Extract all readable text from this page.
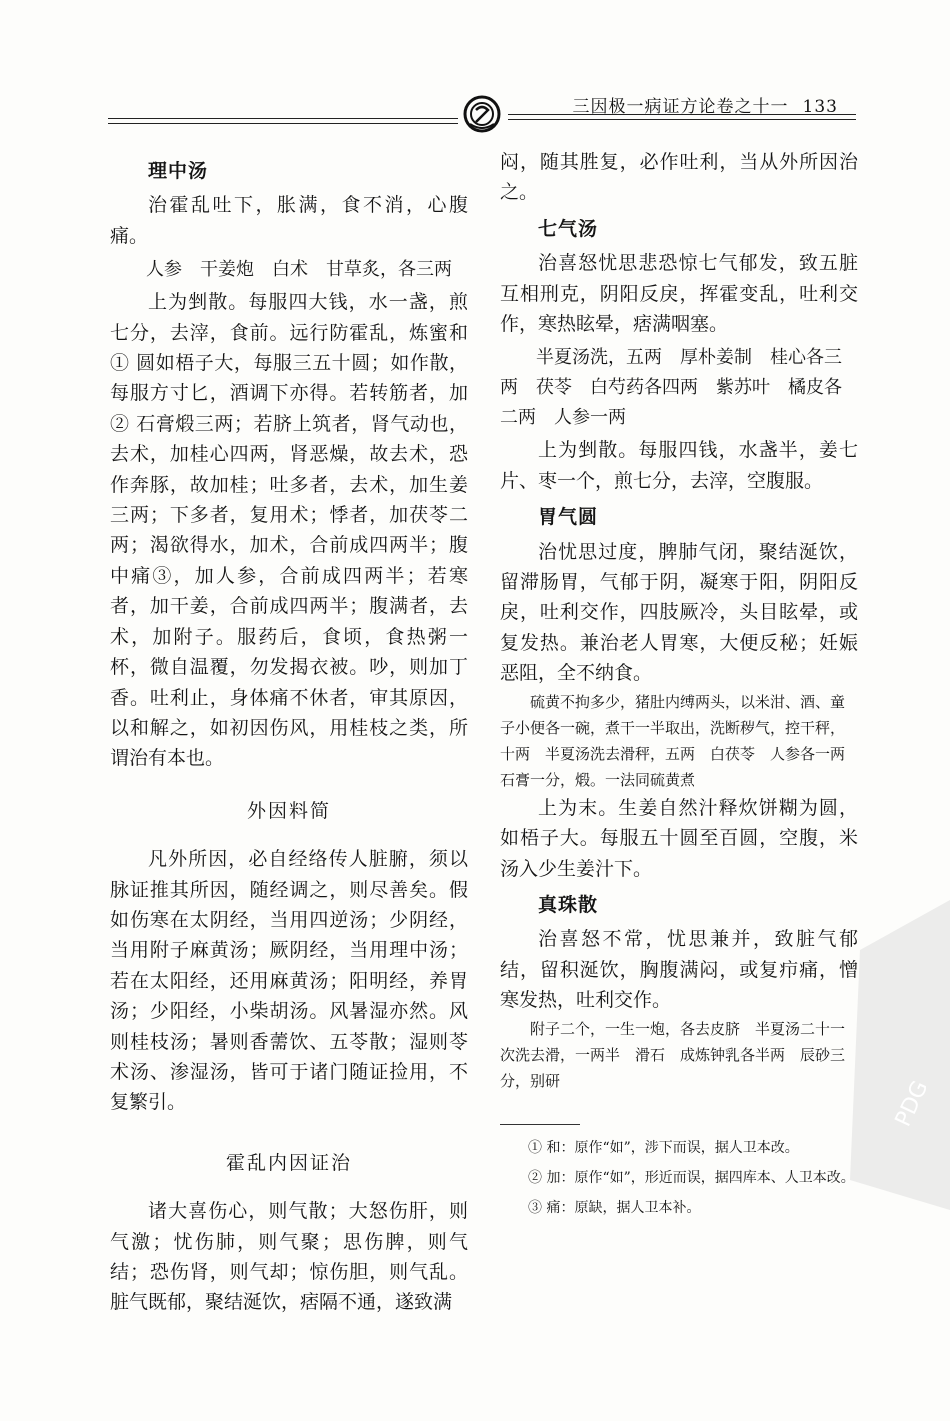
三因极一病证方论卷之十一 133
理中汤

治霍乱吐下，胀满，食不消，心腹痛。

人参　干姜炮　白术　甘草炙，各三两

上为剉散。每服四大钱，水一盏，煎七分，去滓，食前。远行防霍乱，炼蜜和① 圆如梧子大，每服三五十圆；如作散，每服方寸匕，酒调下亦得。若转筋者，加② 石膏煅三两；若脐上筑者，肾气动也，去术，加桂心四两，肾恶燥，故去术，恐作奔豚，故加桂；吐多者，去术，加生姜三两；下多者，复用术；悸者，加茯苓二两；渴欲得水，加术，合前成四两半；腹中痛③，加人参，合前成四两半；若寒者，加干姜，合前成四两半；腹满者，去术，加附子。服药后，食顷，食热粥一杯，微自温覆，勿发揭衣被。吵，则加丁香。吐利止，身体痛不休者，审其原因，以和解之，如初因伤风，用桂枝之类，所谓治有本也。

外因料简

凡外所因，必自经络传人脏腑，须以脉证推其所因，随经调之，则尽善矣。假如伤寒在太阴经，当用四逆汤；少阴经，当用附子麻黄汤；厥阴经，当用理中汤；若在太阳经，还用麻黄汤；阳明经，养胃汤；少阳经，小柴胡汤。风暑湿亦然。风则桂枝汤；暑则香薷饮、五苓散；湿则苓术汤、渗湿汤，皆可于诸门随证捡用，不复繁引。

霍乱内因证治

诸大喜伤心，则气散；大怒伤肝，则气激；忧伤肺，则气聚；思伤脾，则气结；恐伤肾，则气却；惊伤胆，则气乱。脏气既郁，聚结涎饮，痞隔不通，遂致满

闷，随其胜复，必作吐利，当从外所因治之。

七气汤

治喜怒忧思悲恐惊七气郁发，致五脏互相刑克，阴阳反戾，挥霍变乱，吐利交作，寒热眩晕，痞满咽塞。

半夏汤洗，五两　厚朴姜制　桂心各三两　茯苓　白芍药各四两　紫苏叶　橘皮各二两　人参一两

上为剉散。每服四钱，水盏半，姜七片、枣一个，煎七分，去滓，空腹服。

胃气圆

治忧思过度，脾肺气闭，聚结涎饮，留滞肠胃，气郁于阴，凝寒于阳，阴阳反戾，吐利交作，四肢厥冷，头目眩晕，或复发热。兼治老人胃寒，大便反秘；妊娠恶阻，全不纳食。

硫黄不拘多少，猪肚内缚两头，以米泔、酒、童子小便各一碗，煮干一半取出，洗断秽气，控干秤，十两　半夏汤洗去滑秤，五两　白茯苓　人参各一两　石膏一分，煅。一法同硫黄煮

上为末。生姜自然汁释炊饼糊为圆，如梧子大。每服五十圆至百圆，空腹，米汤入少生姜汁下。

真珠散

治喜怒不常，忧思兼并，致脏气郁结，留积涎饮，胸腹满闷，或复疖痛，憎寒发热，吐利交作。

附子二个，一生一炮，各去皮脐　半夏汤二十一次洗去滑，一两半　滑石　成炼钟乳各半两　辰砂三分，别研

① 和：原作“如”，涉下而误，据人卫本改。

② 加：原作“如”，形近而误，据四库本、人卫本改。

③ 痛：原缺，据人卫本补。

PDG
